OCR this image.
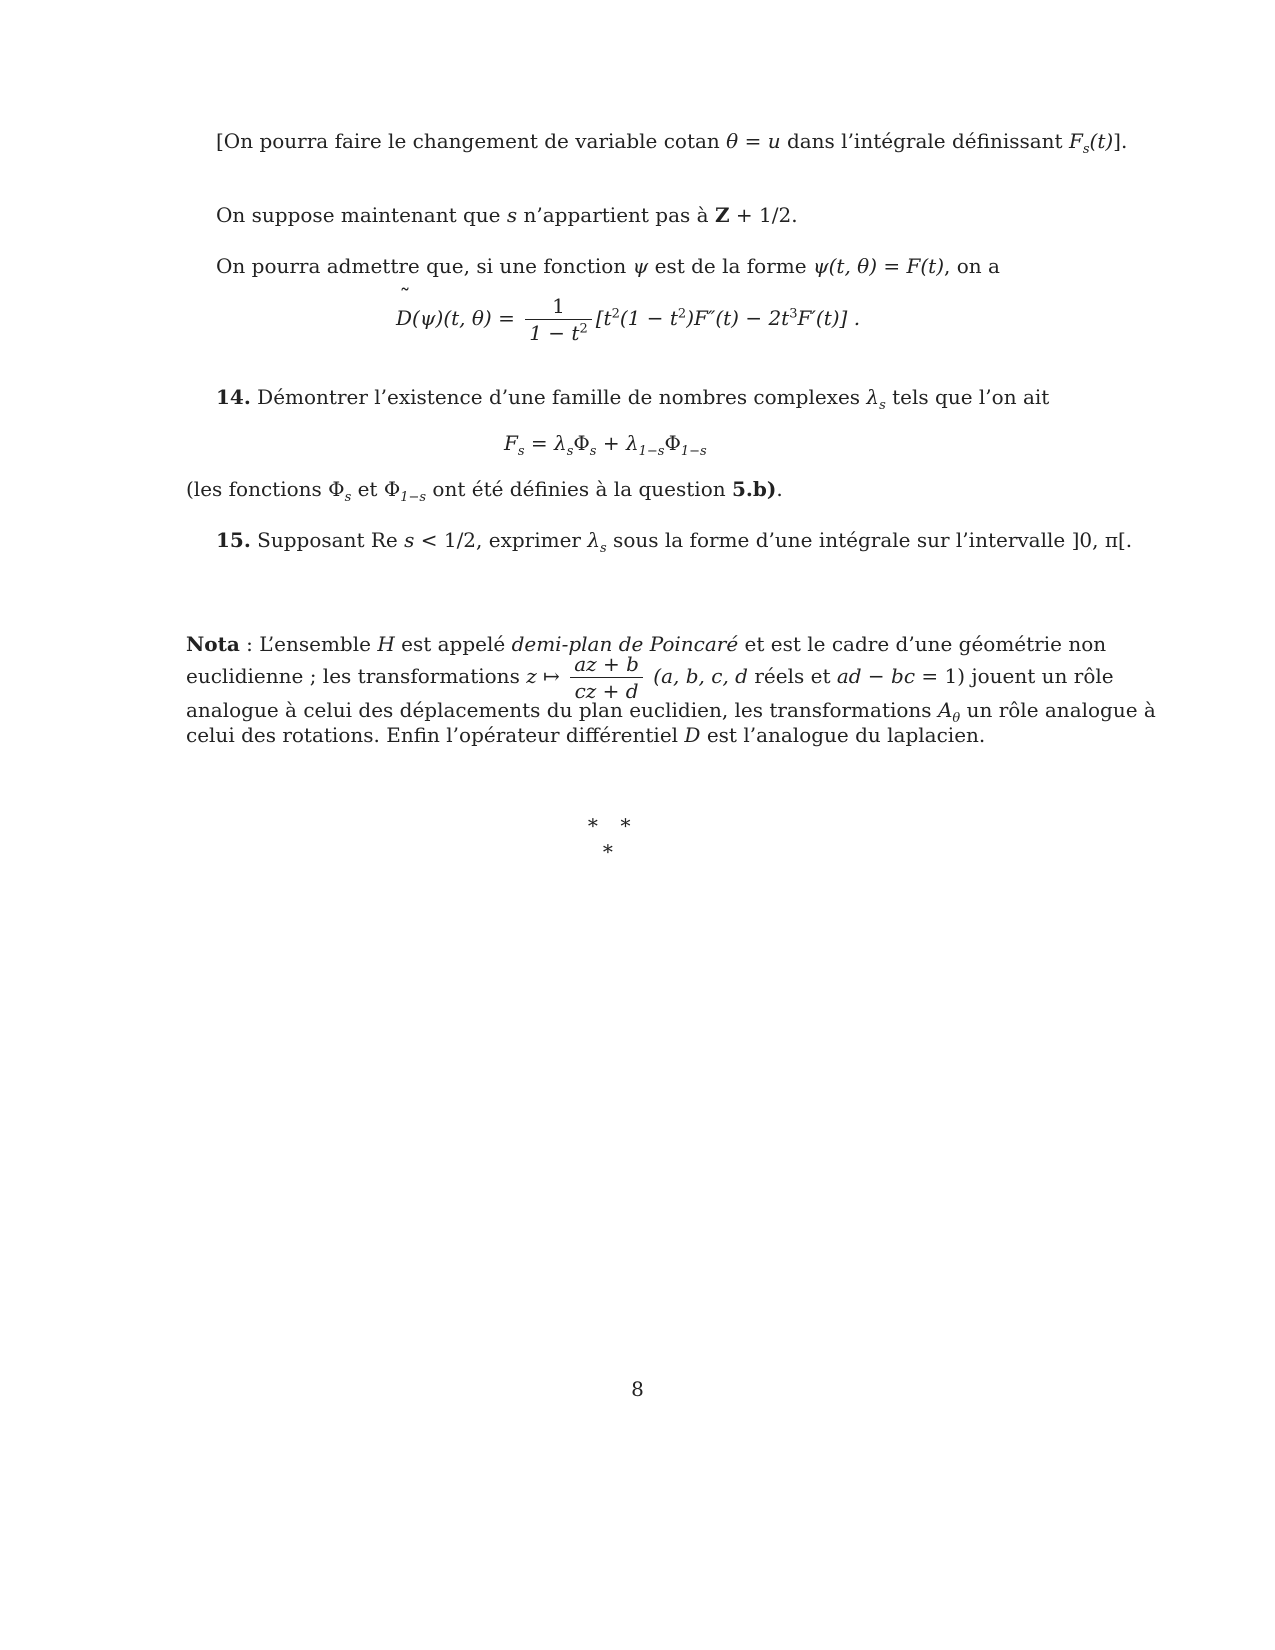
[On pourra faire le changement de variable cotan θ = u dans l’intégrale définissant $F_s(t)$].
On suppose maintenant que s n’appartient pas à Z + 1/2.
On pourra admettre que, si une fonction ψ est de la forme ψ(t, θ) = F(t), on a
˜ D(ψ)(t, $\theta) = \frac{1}{1 - t^2} [t^2(1 - t^2)F''(t) - 2t^3F'(t)]$ .
14. Démontrer l’existence d’une famille de nombres complexes $\lambda_s$ tels que l’on ait
$F_s = \lambda_s\Phi_s + \lambda_{1-s}\Phi_{1-s}$
(les fonctions $\Phi_s$ et $\Phi_{1-s}$ ont été définies à la question 5.b).
15. Supposant Re s < 1/2, exprimer $\lambda_s$ sous la forme d’une intégrale sur l’intervalle ]0, π[.
Nota : L’ensemble H est appelé demi-plan de Poincaré et est le cadre d’une géométrie non
euclidienne ; les transformations z ↦ $\frac{az + b}{cz + d} (a$, b, c, d réels et ad − bc = 1) jouent un rôle
analogue à celui des déplacements du plan euclidien, les transformations $A_\theta$ un rôle analogue à
celui des rotations. Enfin l’opérateur différentiel D est l’analogue du laplacien.
∗   ∗
∗
8
